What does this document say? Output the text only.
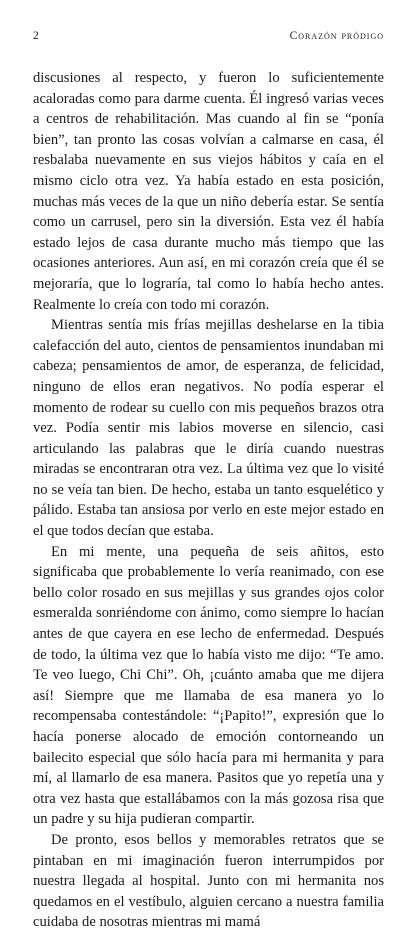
2	Corazón pródigo

discusiones al respecto, y fueron lo suficientemente acaloradas como para darme cuenta. Él ingresó varias veces a centros de rehabilitación. Mas cuando al fin se “ponía bien”, tan pronto las cosas volvían a calmarse en casa, él resbalaba nuevamente en sus viejos hábitos y caía en el mismo ciclo otra vez. Ya había estado en esta posición, muchas más veces de la que un niño debería estar. Se sentía como un carrusel, pero sin la diversión. Esta vez él había estado lejos de casa durante mucho más tiempo que las ocasiones anteriores. Aun así, en mi corazón creía que él se mejoraría, que lo lograría, tal como lo había hecho antes. Realmente lo creía con todo mi corazón.

Mientras sentía mis frías mejillas deshelarse en la tibia calefacción del auto, cientos de pensamientos inundaban mi cabeza; pensamientos de amor, de esperanza, de felicidad, ninguno de ellos eran negativos. No podía esperar el momento de rodear su cuello con mis pequeños brazos otra vez. Podía sentir mis labios moverse en silencio, casi articulando las palabras que le diría cuando nuestras miradas se encontraran otra vez. La última vez que lo visité no se veía tan bien. De hecho, estaba un tanto esquelético y pálido. Estaba tan ansiosa por verlo en este mejor estado en el que todos decían que estaba.

En mi mente, una pequeña de seis añitos, esto significaba que probablemente lo vería reanimado, con ese bello color rosado en sus mejillas y sus grandes ojos color esmeralda sonriéndome con ánimo, como siempre lo hacían antes de que cayera en ese lecho de enfermedad. Después de todo, la última vez que lo había visto me dijo: “Te amo. Te veo luego, Chi Chi”. Oh, ¡cuánto amaba que me dijera así! Siempre que me llamaba de esa manera yo lo recompensaba contestándole: “¡Papito!”, expresión que lo hacía ponerse alocado de emoción contorneando un bailecito especial que sólo hacía para mi hermanita y para mí, al llamarlo de esa manera. Pasitos que yo repetía una y otra vez hasta que estallábamos con la más gozosa risa que un padre y su hija pudieran compartir.

De pronto, esos bellos y memorables retratos que se pintaban en mi imaginación fueron interrumpidos por nuestra llegada al hospital. Junto con mi hermanita nos quedamos en el vestíbulo, alguien cercano a nuestra familia cuidaba de nosotras mientras mi mamá
